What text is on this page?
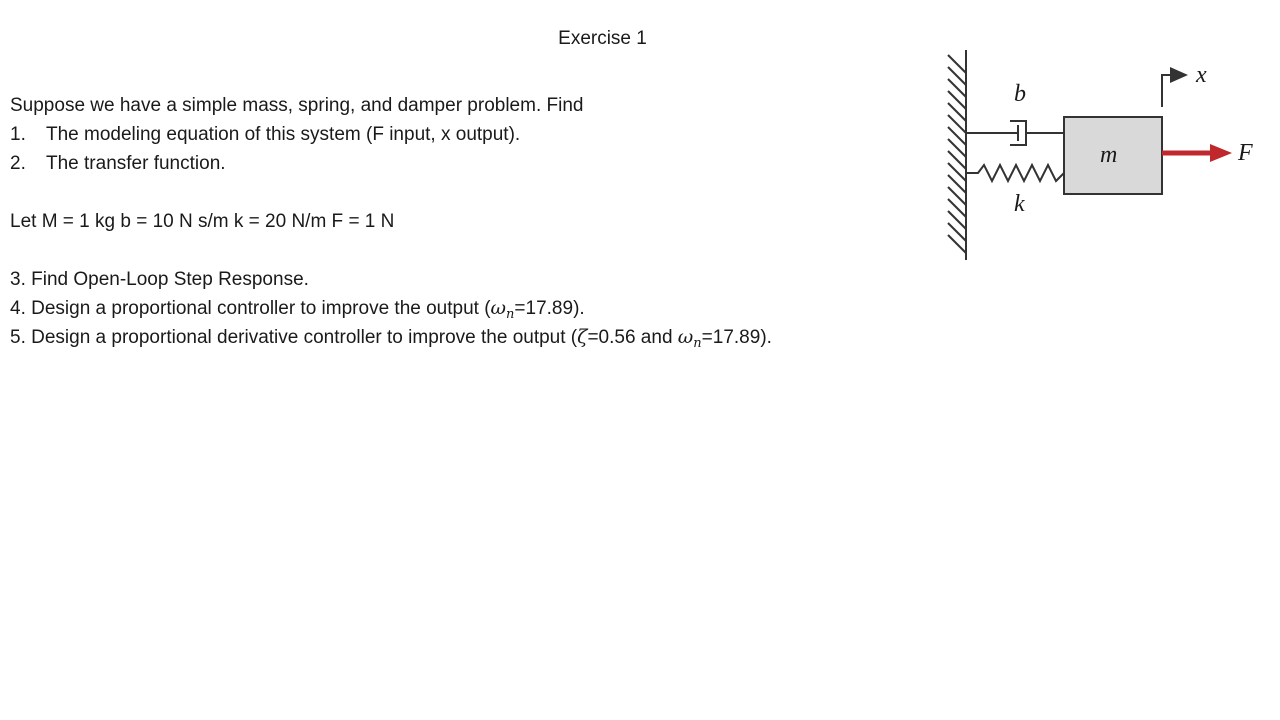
Exercise 1
Suppose we have a simple mass, spring, and damper problem. Find
1. The modeling equation of this system (F input, x output).
2. The transfer function.
Let M = 1 kg b = 10 N s/m k = 20 N/m F = 1 N
3. Find Open-Loop Step Response.
4. Design a proportional controller to improve the output $(\omega_n=17.89)$.
5. Design a proportional derivative controller to improve the output (ζ=0.56 and $\omega_n=17.89$).
b
k
m	F
x
